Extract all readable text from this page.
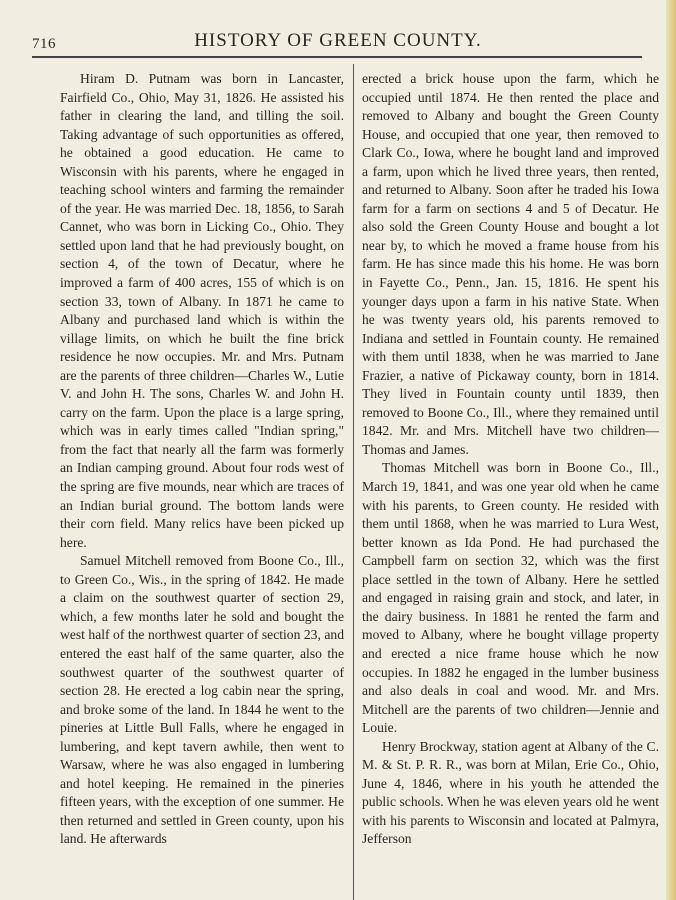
716	HISTORY OF GREEN COUNTY.

Hiram D. Putnam was born in Lancaster, Fairfield Co., Ohio, May 31, 1826. He assisted his father in clearing the land, and tilling the soil. Taking advantage of such opportunities as offered, he obtained a good education. He came to Wisconsin with his parents, where he engaged in teaching school winters and farming the remainder of the year. He was married Dec. 18, 1856, to Sarah Cannet, who was born in Licking Co., Ohio. They settled upon land that he had previously bought, on section 4, of the town of Decatur, where he improved a farm of 400 acres, 155 of which is on section 33, town of Albany. In 1871 he came to Albany and purchased land which is within the village limits, on which he built the fine brick residence he now occupies. Mr. and Mrs. Putnam are the parents of three children—Charles W., Lutie V. and John H. The sons, Charles W. and John H. carry on the farm. Upon the place is a large spring, which was in early times called "Indian spring," from the fact that nearly all the farm was formerly an Indian camping ground. About four rods west of the spring are five mounds, near which are traces of an Indian burial ground. The bottom lands were their corn field. Many relics have been picked up here.

Samuel Mitchell removed from Boone Co., Ill., to Green Co., Wis., in the spring of 1842. He made a claim on the southwest quarter of section 29, which, a few months later he sold and bought the west half of the northwest quarter of section 23, and entered the east half of the same quarter, also the southwest quarter of the southwest quarter of section 28. He erected a log cabin near the spring, and broke some of the land. In 1844 he went to the pineries at Little Bull Falls, where he engaged in lumbering, and kept tavern awhile, then went to Warsaw, where he was also engaged in lumbering and hotel keeping. He remained in the pineries fifteen years, with the exception of one summer. He then returned and settled in Green county, upon his land. He afterwards

erected a brick house upon the farm, which he occupied until 1874. He then rented the place and removed to Albany and bought the Green County House, and occupied that one year, then removed to Clark Co., Iowa, where he bought land and improved a farm, upon which he lived three years, then rented, and returned to Albany. Soon after he traded his Iowa farm for a farm on sections 4 and 5 of Decatur. He also sold the Green County House and bought a lot near by, to which he moved a frame house from his farm. He has since made this his home. He was born in Fayette Co., Penn., Jan. 15, 1816. He spent his younger days upon a farm in his native State. When he was twenty years old, his parents removed to Indiana and settled in Fountain county. He remained with them until 1838, when he was married to Jane Frazier, a native of Pickaway county, born in 1814. They lived in Fountain county until 1839, then removed to Boone Co., Ill., where they remained until 1842. Mr. and Mrs. Mitchell have two children—Thomas and James.

Thomas Mitchell was born in Boone Co., Ill., March 19, 1841, and was one year old when he came with his parents, to Green county. He resided with them until 1868, when he was married to Lura West, better known as Ida Pond. He had purchased the Campbell farm on section 32, which was the first place settled in the town of Albany. Here he settled and engaged in raising grain and stock, and later, in the dairy business. In 1881 he rented the farm and moved to Albany, where he bought village property and erected a nice frame house which he now occupies. In 1882 he engaged in the lumber business and also deals in coal and wood. Mr. and Mrs. Mitchell are the parents of two children—Jennie and Louie.

Henry Brockway, station agent at Albany of the C. M. & St. P. R. R., was born at Milan, Erie Co., Ohio, June 4, 1846, where in his youth he attended the public schools. When he was eleven years old he went with his parents to Wisconsin and located at Palmyra, Jefferson
